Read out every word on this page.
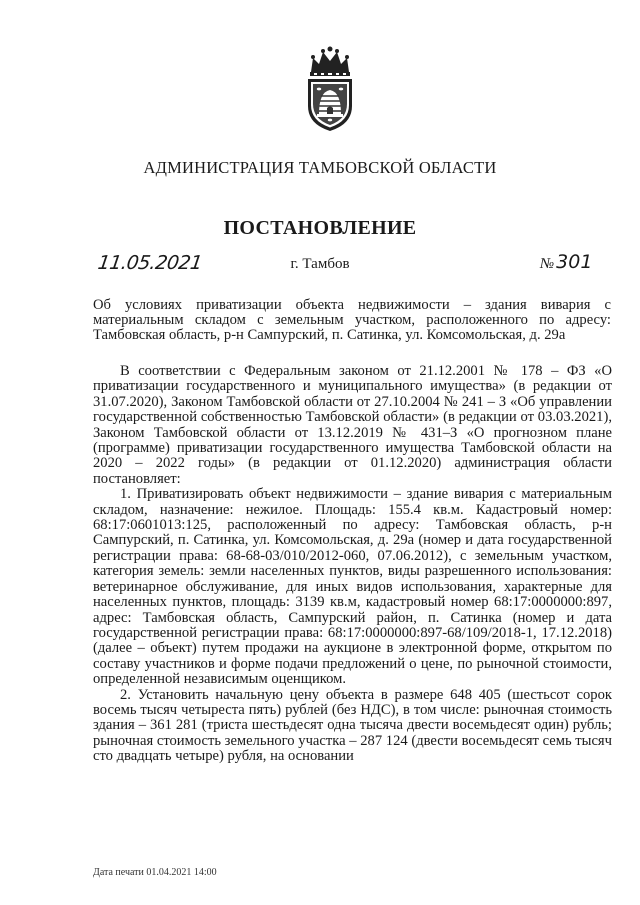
АДМИНИСТРАЦИЯ ТАМБОВСКОЙ ОБЛАСТИ
ПОСТАНОВЛЕНИЕ
11.05.2021	г. Тамбов	№ 301
Об условиях приватизации объекта недвижимости – здания вивария с материальным складом с земельным участком, расположенного по адресу: Тамбовская область, р-н Сампурский, п. Сатинка, ул. Комсомольская, д. 29а

В соответствии с Федеральным законом от 21.12.2001 № 178 – ФЗ «О приватизации государственного и муниципального имущества» (в редакции от 31.07.2020), Законом Тамбовской области от 27.10.2004 № 241 – З «Об управлении государственной собственностью Тамбовской области» (в редакции от 03.03.2021), Законом Тамбовской области от 13.12.2019 № 431–З «О прогнозном плане (программе) приватизации государственного имущества Тамбовской области на 2020 – 2022 годы» (в редакции от 01.12.2020) администрация области постановляет:

1. Приватизировать объект недвижимости – здание вивария с материальным складом, назначение: нежилое. Площадь: 155.4 кв.м. Кадастровый номер: 68:17:0601013:125, расположенный по адресу: Тамбовская область, р-н Сампурский, п. Сатинка, ул. Комсомольская, д. 29а (номер и дата государственной регистрации права: 68-68-03/010/2012-060, 07.06.2012), с земельным участком, категория земель: земли населенных пунктов, виды разрешенного использования: ветеринарное обслуживание, для иных видов использования, характерные для населенных пунктов, площадь: 3139 кв.м, кадастровый номер 68:17:0000000:897, адрес: Тамбовская область, Сампурский район, п. Сатинка (номер и дата государственной регистрации права: 68:17:0000000:897-68/109/2018-1, 17.12.2018) (далее – объект) путем продажи на аукционе в электронной форме, открытом по составу участников и форме подачи предложений о цене, по рыночной стоимости, определенной независимым оценщиком.

2. Установить начальную цену объекта в размере 648 405 (шестьсот сорок восемь тысяч четыреста пять) рублей (без НДС), в том числе: рыночная стоимость здания – 361 281 (триста шестьдесят одна тысяча двести восемьдесят один) рубль; рыночная стоимость земельного участка – 287 124 (двести восемьдесят семь тысяч сто двадцать четыре) рубля, на основании

Дата печати 01.04.2021 14:00
